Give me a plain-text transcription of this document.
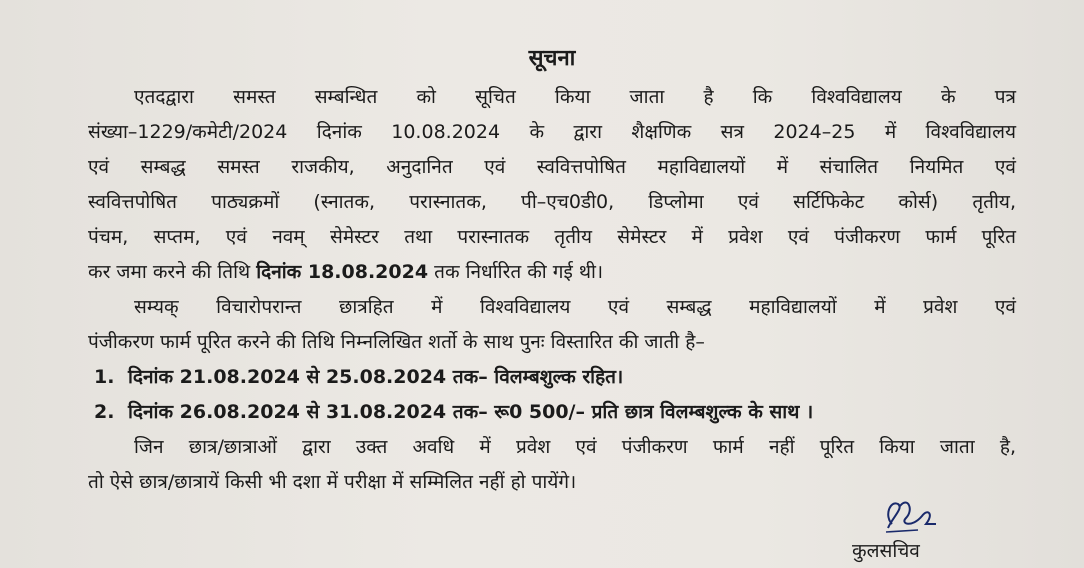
सूचना
एतदद्वारा समस्त सम्बन्धित को सूचित किया जाता है कि विश्वविद्यालय के पत्र
संख्या–1229/कमेटी/2024 दिनांक 10.08.2024 के द्वारा शैक्षणिक सत्र 2024–25 में विश्वविद्यालय
एवं सम्बद्ध समस्त राजकीय, अनुदानित एवं स्ववित्तपोषित महाविद्यालयों में संचालित नियमित एवं
स्ववित्तपोषित पाठ्यक्रमों (स्नातक, परास्नातक, पी–एच0डी0, डिप्लोमा एवं सर्टिफिकेट कोर्स) तृतीय,
पंचम, सप्तम, एवं नवम् सेमेस्टर तथा परास्नातक तृतीय सेमेस्टर में प्रवेश एवं पंजीकरण फार्म पूरित
कर जमा करने की तिथि दिनांक 18.08.2024 तक निर्धारित की गई थी।
सम्यक् विचारोपरान्त छात्रहित में विश्वविद्यालय एवं सम्बद्ध महाविद्यालयों में प्रवेश एवं
पंजीकरण फार्म पूरित करने की तिथि निम्नलिखित शर्तो के साथ पुनः विस्तारित की जाती है–
1. दिनांक 21.08.2024 से 25.08.2024 तक– विलम्बशुल्क रहित।
2. दिनांक 26.08.2024 से 31.08.2024 तक– रू0 500/– प्रति छात्र विलम्बशुल्क के साथ ।
जिन छात्र/छात्राओं द्वारा उक्त अवधि में प्रवेश एवं पंजीकरण फार्म नहीं पूरित किया जाता है,
तो ऐसे छात्र/छात्रायें किसी भी दशा में परीक्षा में सम्मिलित नहीं हो पायेंगे।
कुलसचिव
